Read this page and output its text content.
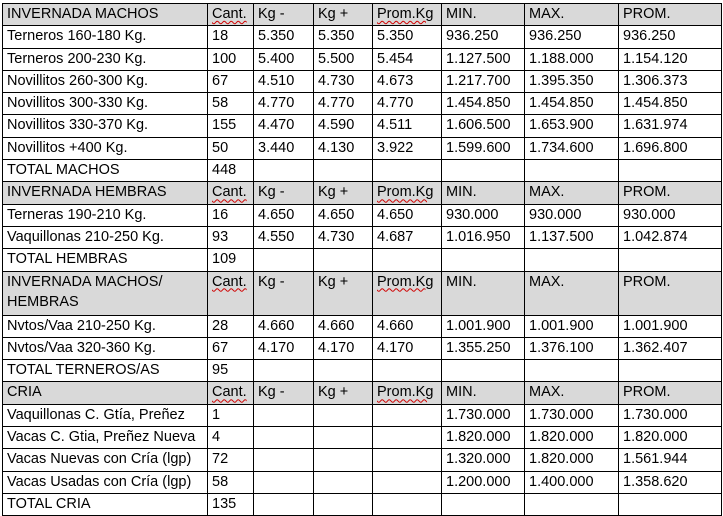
INVERNADA MACHOS	Cant.	Kg -	Kg +	Prom.Kg	MIN.	MAX.	PROM.
Terneros 160-180 Kg.	18	5.350	5.350	5.350	936.250	936.250	936.250
Terneros 200-230 Kg.	100	5.400	5.500	5.454	1.127.500	1.188.000	1.154.120
Novillitos 260-300 Kg.	67	4.510	4.730	4.673	1.217.700	1.395.350	1.306.373
Novillitos 300-330 Kg.	58	4.770	4.770	4.770	1.454.850	1.454.850	1.454.850
Novillitos 330-370 Kg.	155	4.470	4.590	4.511	1.606.500	1.653.900	1.631.974
Novillitos +400 Kg.	50	3.440	4.130	3.922	1.599.600	1.734.600	1.696.800
TOTAL MACHOS	448						
INVERNADA HEMBRAS	Cant.	Kg -	Kg +	Prom.Kg	MIN.	MAX.	PROM.
Terneras 190-210 Kg.	16	4.650	4.650	4.650	930.000	930.000	930.000
Vaquillonas 210-250 Kg.	93	4.550	4.730	4.687	1.016.950	1.137.500	1.042.874
TOTAL HEMBRAS	109						
INVERNADA MACHOS/ HEMBRAS	Cant.	Kg -	Kg +	Prom.Kg	MIN.	MAX.	PROM.
Nvtos/Vaa 210-250 Kg.	28	4.660	4.660	4.660	1.001.900	1.001.900	1.001.900
Nvtos/Vaa 320-360 Kg.	67	4.170	4.170	4.170	1.355.250	1.376.100	1.362.407
TOTAL TERNEROS/AS	95						
CRIA	Cant.	Kg -	Kg +	Prom.Kg	MIN.	MAX.	PROM.
Vaquillonas C. Gtía, Preñez	1				1.730.000	1.730.000	1.730.000
Vacas C. Gtia, Preñez Nueva	4				1.820.000	1.820.000	1.820.000
Vacas Nuevas con Cría (lgp)	72				1.320.000	1.820.000	1.561.944
Vacas Usadas con Cría (lgp)	58				1.200.000	1.400.000	1.358.620
TOTAL CRIA	135						
